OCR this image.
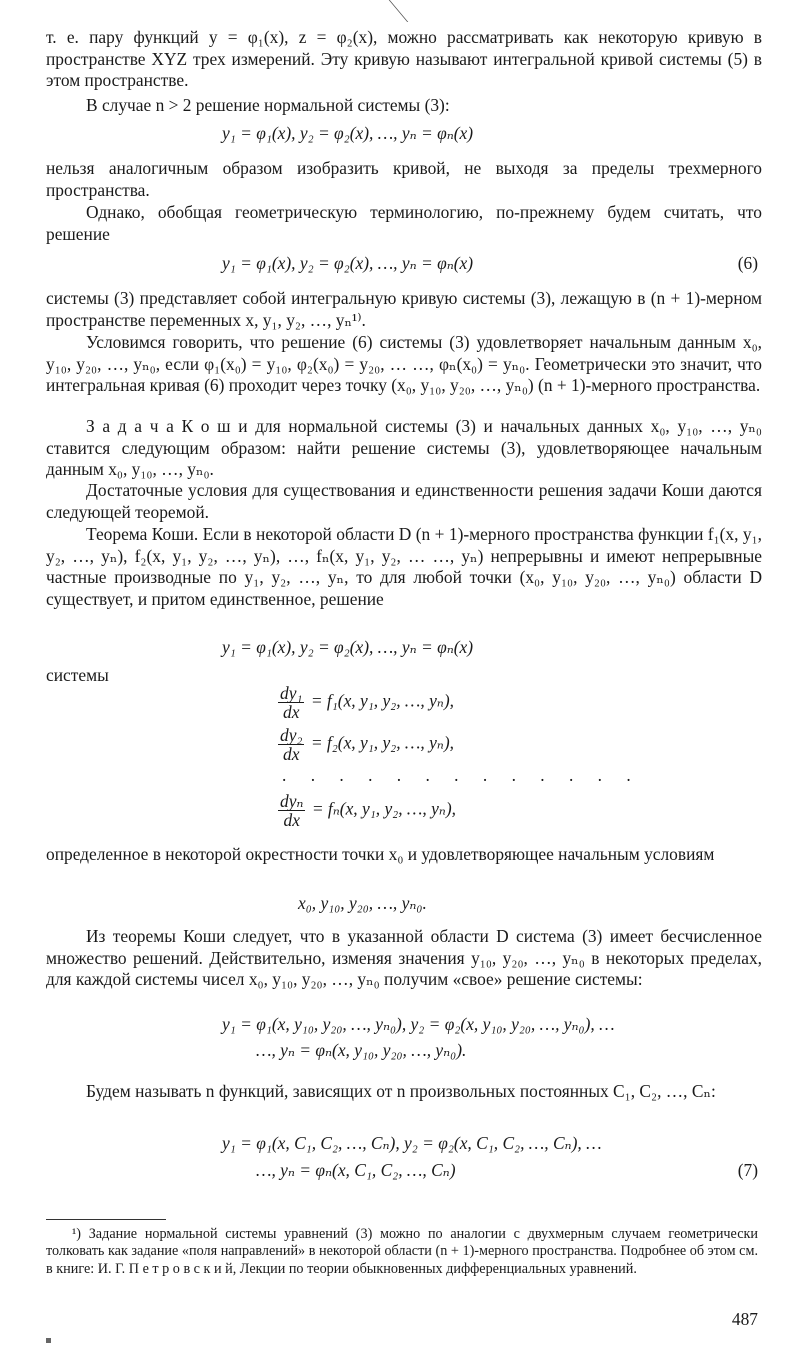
т. е. пару функций y = φ₁(x), z = φ₂(x), можно рассматривать как некоторую кривую в пространстве XYZ трех измерений. Эту кривую называют интегральной кривой системы (5) в этом пространстве.

В случае n > 2 решение нормальной системы (3):

y₁ = φ₁(x), y₂ = φ₂(x), …, yₙ = φₙ(x)

нельзя аналогичным образом изобразить кривой, не выходя за пределы трехмерного пространства.

Однако, обобщая геометрическую терминологию, по-прежнему будем считать, что решение

y₁ = φ₁(x), y₂ = φ₂(x), …, yₙ = φₙ(x)	(6)

системы (3) представляет собой интегральную кривую системы (3), лежащую в (n + 1)-мерном пространстве переменных x, y₁, y₂, …, yₙ¹⁾.

Условимся говорить, что решение (6) системы (3) удовлетворяет начальным данным x₀, y₁₀, y₂₀, …, yₙ₀, если φ₁(x₀) = y₁₀, φ₂(x₀) = y₂₀, … …, φₙ(x₀) = yₙ₀. Геометрически это значит, что интегральная кривая (6) проходит через точку (x₀, y₁₀, y₂₀, …, yₙ₀) (n + 1)-мерного пространства.

З а д а ч а К о ш и для нормальной системы (3) и начальных данных x₀, y₁₀, …, yₙ₀ ставится следующим образом: найти решение системы (3), удовлетворяющее начальным данным x₀, y₁₀, …, yₙ₀.

Достаточные условия для существования и единственности решения задачи Коши даются следующей теоремой.

Теорема Коши. Если в некоторой области D (n + 1)-мерного пространства функции f₁(x, y₁, y₂, …, yₙ), f₂(x, y₁, y₂, …, yₙ), …, fₙ(x, y₁, y₂, … …, yₙ) непрерывны и имеют непрерывные частные производные по y₁, y₂, …, yₙ, то для любой точки (x₀, y₁₀, y₂₀, …, yₙ₀) области D существует, и притом единственное, решение

y₁ = φ₁(x), y₂ = φ₂(x), …, yₙ = φₙ(x)

системы

$\frac{\text{dy₁}}{dx} = f_1(x$, y₁, y₂, …, yₙ),

$\frac{\text{dy₂}}{dx} = f_2(x$, y₁, y₂, …, yₙ),

. . . . . . . . . . . . .

$\frac{\text{dyₙ}}{dx} = f_n(x$, y₁, y₂, …, yₙ),

определенное в некоторой окрестности точки x₀ и удовлетворяющее начальным условиям

x₀, y₁₀, y₂₀, …, yₙ₀.

Из теоремы Коши следует, что в указанной области D система (3) имеет бесчисленное множество решений. Действительно, изменяя значения y₁₀, y₂₀, …, yₙ₀ в некоторых пределах, для каждой системы чисел x₀, y₁₀, y₂₀, …, yₙ₀ получим «свое» решение системы:

y₁ = φ₁(x, y₁₀, y₂₀, …, yₙ₀), y₂ = φ₂(x, y₁₀, y₂₀, …, yₙ₀), …

…, yₙ = φₙ(x, y₁₀, y₂₀, …, yₙ₀).

Будем называть n функций, зависящих от n произвольных постоянных C₁, C₂, …, Cₙ:

y₁ = φ₁(x, C₁, C₂, …, Cₙ), y₂ = φ₂(x, C₁, C₂, …, Cₙ), …

…, yₙ = φₙ(x, C₁, C₂, …, Cₙ)	(7)

¹) Задание нормальной системы уравнений (3) можно по аналогии с двухмерным случаем геометрически толковать как задание «поля направлений» в некоторой области (n + 1)-мерного пространства. Подробнее об этом см. в книге: И. Г. П е т р о в с к и й, Лекции по теории обыкновенных дифференциальных уравнений.

487
